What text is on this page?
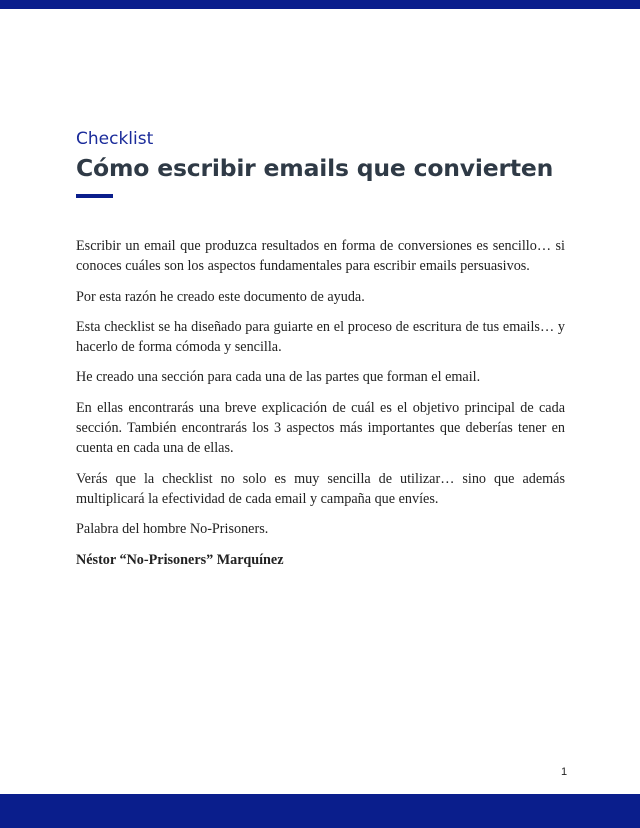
Checklist

Cómo escribir emails que convierten

Escribir un email que produzca resultados en forma de conversiones es sencillo… si conoces cuáles son los aspectos fundamentales para escribir emails persuasivos.

Por esta razón he creado este documento de ayuda.

Esta checklist se ha diseñado para guiarte en el proceso de escritura de tus emails… y hacerlo de forma cómoda y sencilla.

He creado una sección para cada una de las partes que forman el email.

En ellas encontrarás una breve explicación de cuál es el objetivo principal de cada sección. También encontrarás los 3 aspectos más importantes que deberías tener en cuenta en cada una de ellas.

Verás que la checklist no solo es muy sencilla de utilizar… sino que además multiplicará la efectividad de cada email y campaña que envíes.

Palabra del hombre No-Prisoners.

Néstor “No-Prisoners” Marquínez

1
